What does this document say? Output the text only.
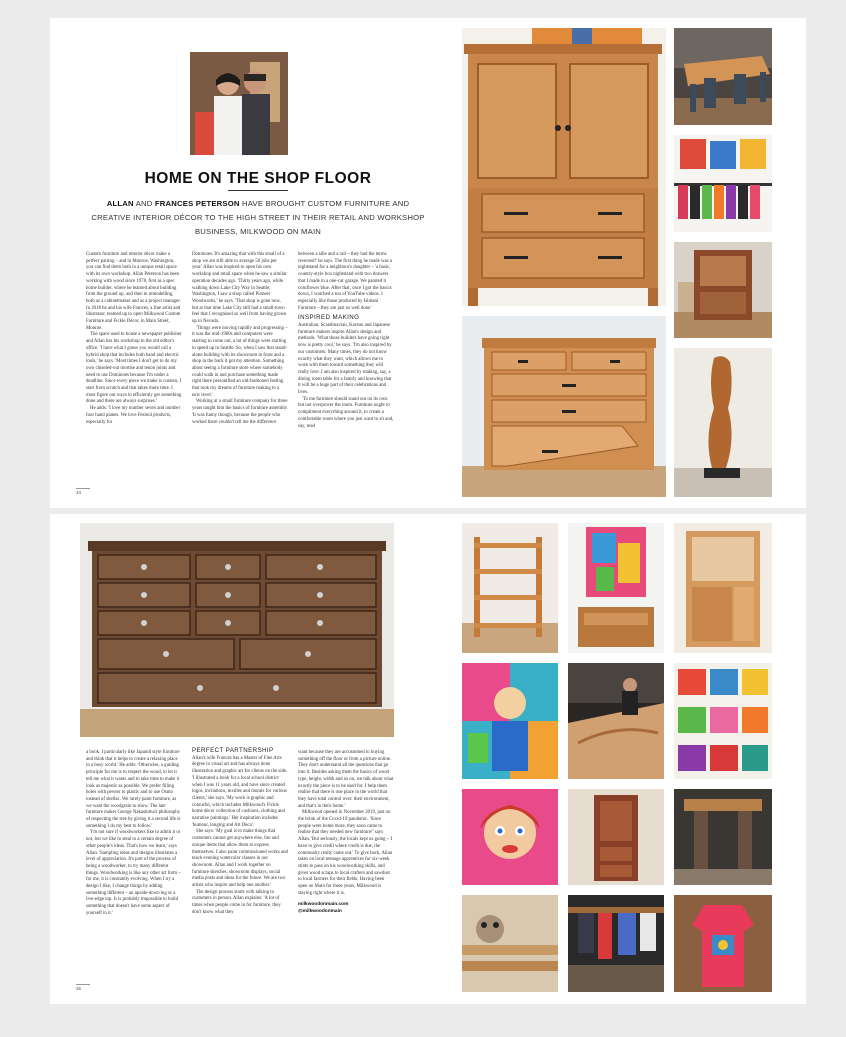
HOME ON THE SHOP FLOOR
ALLAN AND FRANCES PETERSON HAVE BROUGHT CUSTOM FURNITURE AND CREATIVE INTERIOR DÉCOR TO THE HIGH STREET IN THEIR RETAIL AND WORKSHOP BUSINESS, MILKWOOD ON MAIN

Custom furniture and interior décor make a perfect pairing – and in Monroe, Washington, you can find them both in a unique retail space with its own workshop. Allan Peterson has been working with wood since 1978, first as a spec home builder, where he learned about building from the ground up, and then in remodelling, both as a cabinetmaker and as a project manager. In 2018 he and his wife Frances, a fine artist and illustrator, teamed up to open Milkwood Custom Furniture and Fickle Décor, in Main Street, Monroe.

The space used to house a newspaper publisher and Allan has his workshop in the old editor's office. 'I have what I guess you would call a hybrid shop that includes both hand and electric tools,' he says. 'Most times I don't get to do my own chiseled-out mortise and tenon joints and need to use Dominoes because I'm under a deadline. Since every piece we make is custom, I start from scratch and that takes more time. I must figure out ways to efficiently get something done and there are always surprises.'

He adds: 'I love my number seven and number four hand planes. We love Festool products, especially for

Dominoes. It's amazing that with this small of a shop we are still able to average 50 jobs per year.' Allan was inspired to open his own workshop and retail space when he saw a similar operation decades ago. 'Thirty years ago, while walking down Lake City Way in Seattle, Washington, I saw a shop called Pioneer Woodworks,' he says. 'That shop is gone now, but at that time Lake City still had a small-town feel that I recognised so well from having grown up in Nevada.

'Things were moving rapidly and progressing – it was the mid-1980s and computers were starting to come out, a lot of things were starting to speed up in Seattle. So, when I saw that stand-alone building with its showroom in front and a shop in the back it got my attention. Something about seeing a furniture store where somebody could walk in and purchase something made right there personified an old-fashioned feeling that took my dreams of furniture making to a new level.'

Working at a small furniture company for three years taught him the basics of furniture assembly. 'It was funny though, because the people who worked there couldn't tell me the difference

between a stile and a rail – they had the terms reversed!' he says. The first thing he made was a nightstand for a neighbour's daughter – 'a basic, country-style box nightstand with two drawers that I made in a one-car garage. We painted it cornflower blue. After that, once I got the basics down, I watched a ton of YouTube videos. I especially like those produced by Ishitani Furniture – they are just so well done.'

INSPIRED MAKING

Australian, Scandinavian, Korean and Japanese furniture makers inspire Allan's design and methods. 'What those builders have going right now is pretty cool,' he says. 'I'm also inspired by our customers. Many times, they do not know exactly what they want, which allows me to work with them toward something they will really love. I am also inspired by making, say, a dining room table for a family and knowing that it will be a huge part of their celebrations and lives.

'To me furniture should stand out on its own but not overpower the room. Furniture ought to compliment everything around it, to create a comfortable room where you just want to sit and, say, read

34

a book. I particularly like Japandi style furniture and think that it helps to create a relaxing place in a busy world.' He adds: 'Otherwise, a guiding principle for me is to respect the wood, to let it tell me what it wants and to take time to make it look as majestic as possible. We prefer filling holes with pewter to plastic and to use Osmo instead of shellac. We rarely paint furniture, as we want the woodgrain to show. The late furniture maker George Nakashima's philosophy of respecting the tree by giving it a second life is something I do my best to follow.'

'I'm not sure if woodworkers like to admit it or not, but we like to steal to a certain degree of other people's ideas. That's how we learn,' says Allan. 'Sampling ideas and designs illustrates a level of appreciation. It's part of the process of being a woodworker, to try many different things. Woodworking is like any other art form – for me, it is constantly evolving. When I try a design I like, I change things by adding something different – an upside-down leg or a live-edge top. It is probably impossible to build something that doesn't have some aspect of yourself in it.'

PERFECT PARTNERSHIP

Allan's wife Frances has a Master of Fine Arts degree in visual art and has always done illustration and graphic art for clients on the side. 'I illustrated a book for a local school district when I was 11 years old, and have since created logos, invitations, textiles and murals for various clients,' she says. 'My work is graphic and colourful, which includes Milkwood's Fickle home décor collection of cushions, clothing and narrative paintings.' Her inspiration includes 'humour, longing and Art Deco'.

She says: 'My goal is to make things that customers cannot get anywhere else, fun and unique items that allow them to express themselves. I also paint commissioned works and teach evening watercolor classes in our showroom. Allan and I work together on furniture sketches, showroom displays, social media posts and ideas for the future. We are two artists who inspire and help one another.'

The design process starts with talking to customers in person. Allan explains: 'A lot of times when people come in for furniture, they don't know what they

want because they are accustomed to buying something off the floor or from a picture online. They don't understand all the questions that go into it. Besides asking them the basics of wood type, height, width and so on, we talk about what exactly the piece is to be used for. I help them realise that there is one place in the world that they have total control over: their environment, and that's in their home.'

Milkwood opened in November 2019, just on the brink of the Covid-19 pandemic. 'Since people were home more, they soon came to realise that they needed new furniture!' says Allan. 'But seriously, the locals kept us going – I have to give credit where credit is due, the community really came out.' To give back, Allan takes on local teenage apprentices for six-week stints to pass on his woodworking skills, and gives wood scraps to local crafters and sawdust to local farmers for their fields. Having been open on Main for three years, Milkwood is staying right where it is.

milkwoodonmain.com
@milkwoodonmain
36
